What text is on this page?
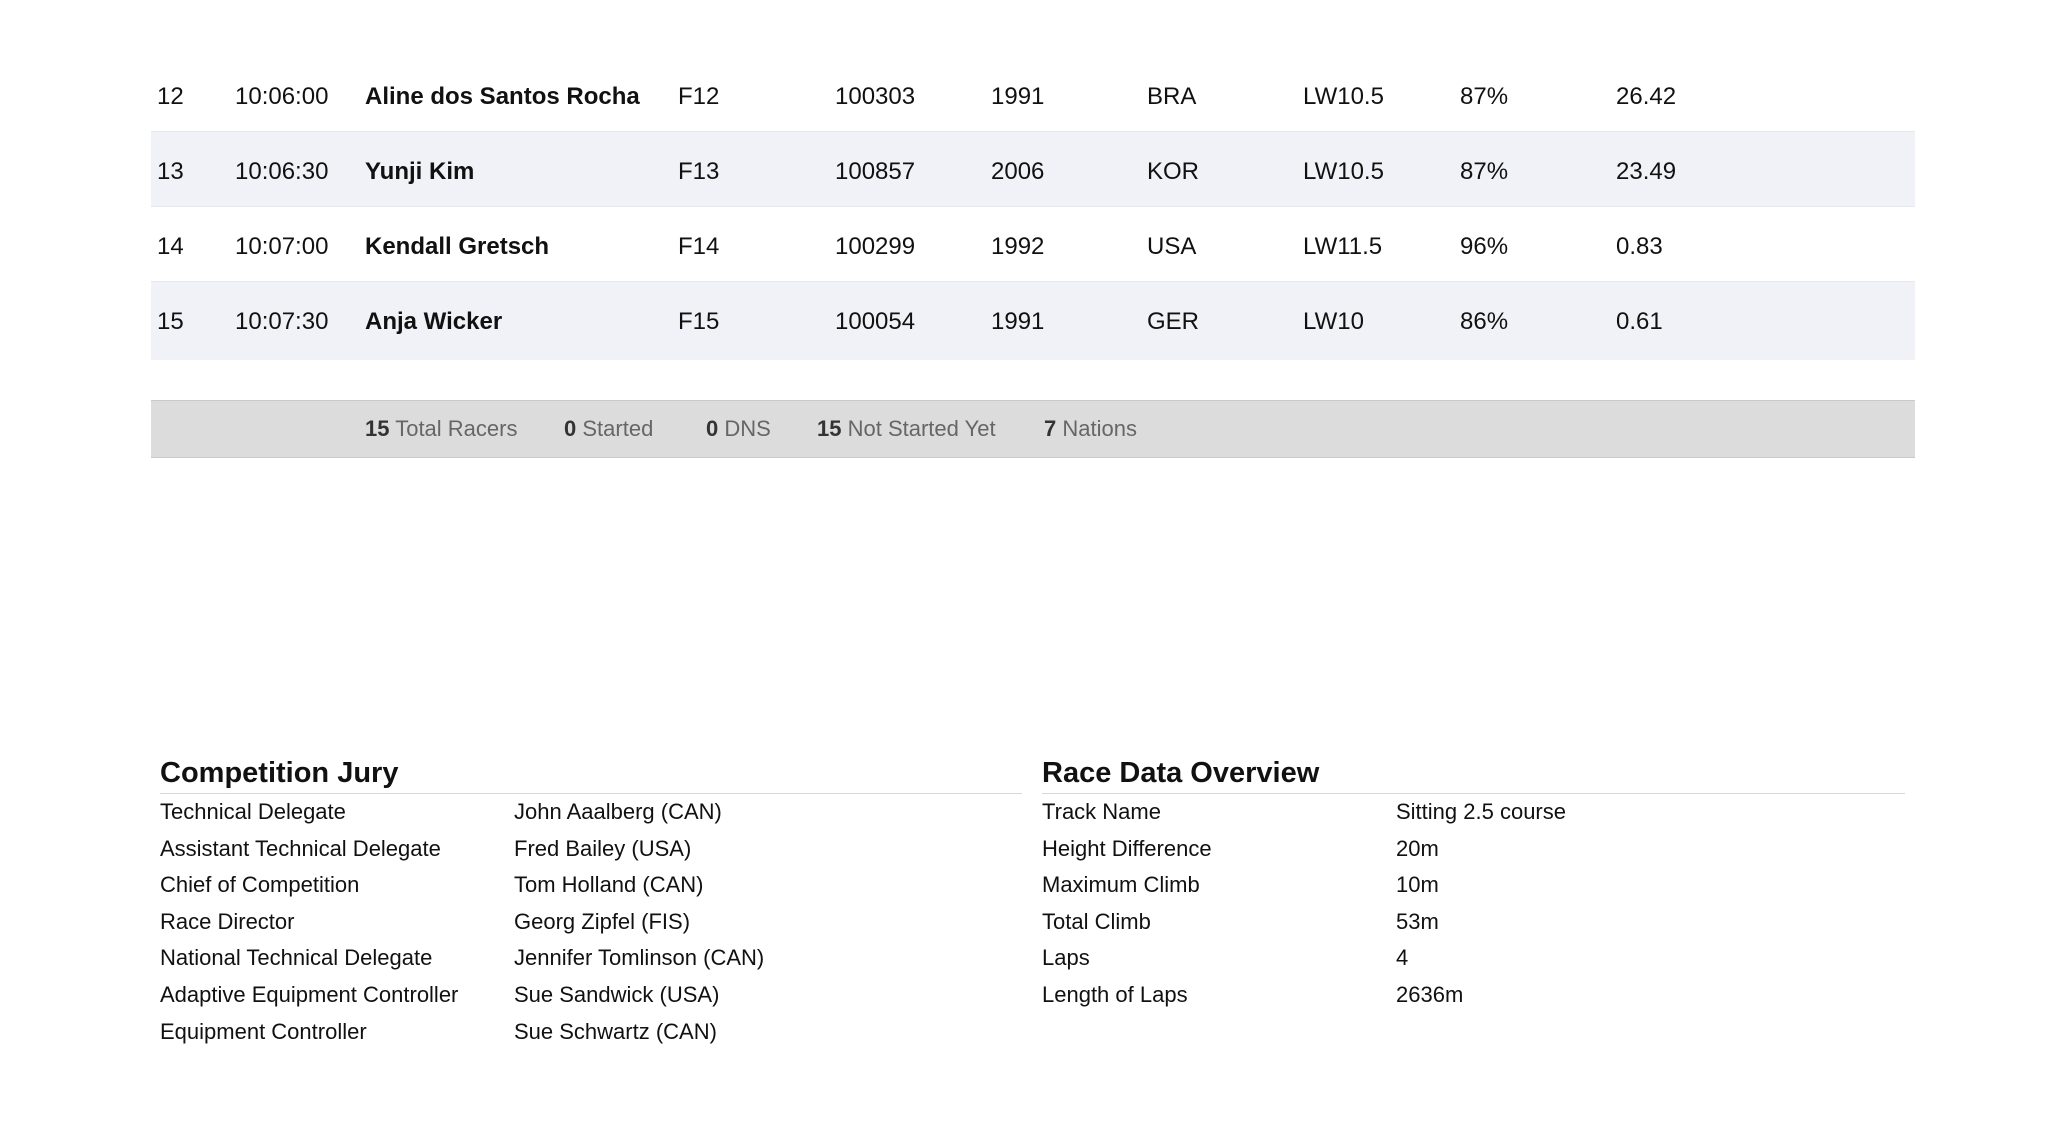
12 10:06:00 Aline dos Santos Rocha F12	100303	1991	BRA	LW10.5	87%	26.42
13 10:06:30 Yunji Kim	F13	100857	2006	KOR	LW10.5	87%	23.49
14 10:07:00 Kendall Gretsch	F14	100299	1992	USA	LW11.5	96%	0.83
15 10:07:30 Anja Wicker	F15	100054	1991	GER	LW10	86%	0.61
15 Total Racers 0 Started 0 DNS 15 Not Started Yet 7 Nations
Competition Jury
Technical Delegate	John Aaalberg (CAN)
Assistant Technical Delegate	Fred Bailey (USA)
Chief of Competition	Tom Holland (CAN)
Race Director	Georg Zipfel (FIS)
National Technical Delegate	Jennifer Tomlinson (CAN)
Adaptive Equipment Controller	Sue Sandwick (USA)
Equipment Controller	Sue Schwartz (CAN)
Race Data Overview
Track Name	Sitting 2.5 course
Height Difference	20m
Maximum Climb	10m
Total Climb	53m
Laps	4
Length of Laps	2636m
